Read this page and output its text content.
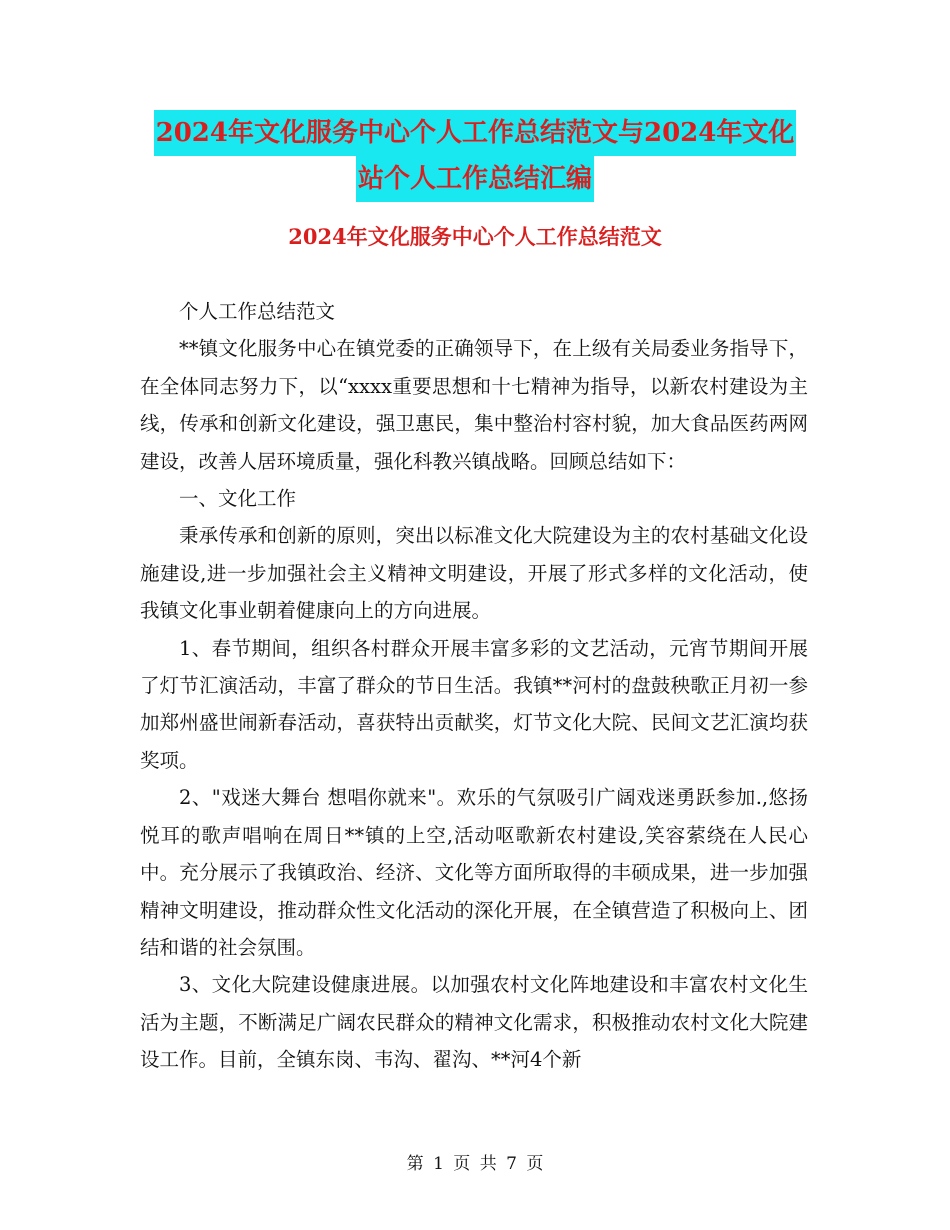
2024年文化服务中心个人工作总结范文与2024年文化
站个人工作总结汇编
2024年文化服务中心个人工作总结范文

个人工作总结范文

**镇文化服务中心在镇党委的正确领导下，在上级有关局委业务指导下，在全体同志努力下，以“xxxx重要思想和十七精神为指导，以新农村建设为主线，传承和创新文化建设，强卫惠民，集中整治村容村貌，加大食品医药两网建设，改善人居环境质量，强化科教兴镇战略。回顾总结如下：

一、文化工作

秉承传承和创新的原则，突出以标准文化大院建设为主的农村基础文化设施建设,进一步加强社会主义精神文明建设，开展了形式多样的文化活动，使我镇文化事业朝着健康向上的方向进展。

1、春节期间，组织各村群众开展丰富多彩的文艺活动，元宵节期间开展了灯节汇演活动，丰富了群众的节日生活。我镇**河村的盘鼓秧歌正月初一参加郑州盛世闹新春活动，喜获特出贡献奖，灯节文化大院、民间文艺汇演均获奖项。

2、"戏迷大舞台 想唱你就来"。欢乐的气氛吸引广阔戏迷勇跃参加.,悠扬悦耳的歌声唱响在周日**镇的上空,活动呕歌新农村建设,笑容萦绕在人民心中。充分展示了我镇政治、经济、文化等方面所取得的丰硕成果，进一步加强精神文明建设，推动群众性文化活动的深化开展，在全镇营造了积极向上、团结和谐的社会氛围。

3、文化大院建设健康进展。以加强农村文化阵地建设和丰富农村文化生活为主题，不断满足广阔农民群众的精神文化需求，积极推动农村文化大院建设工作。目前，全镇东岗、韦沟、翟沟、**河4个新

第 1 页 共 7 页
